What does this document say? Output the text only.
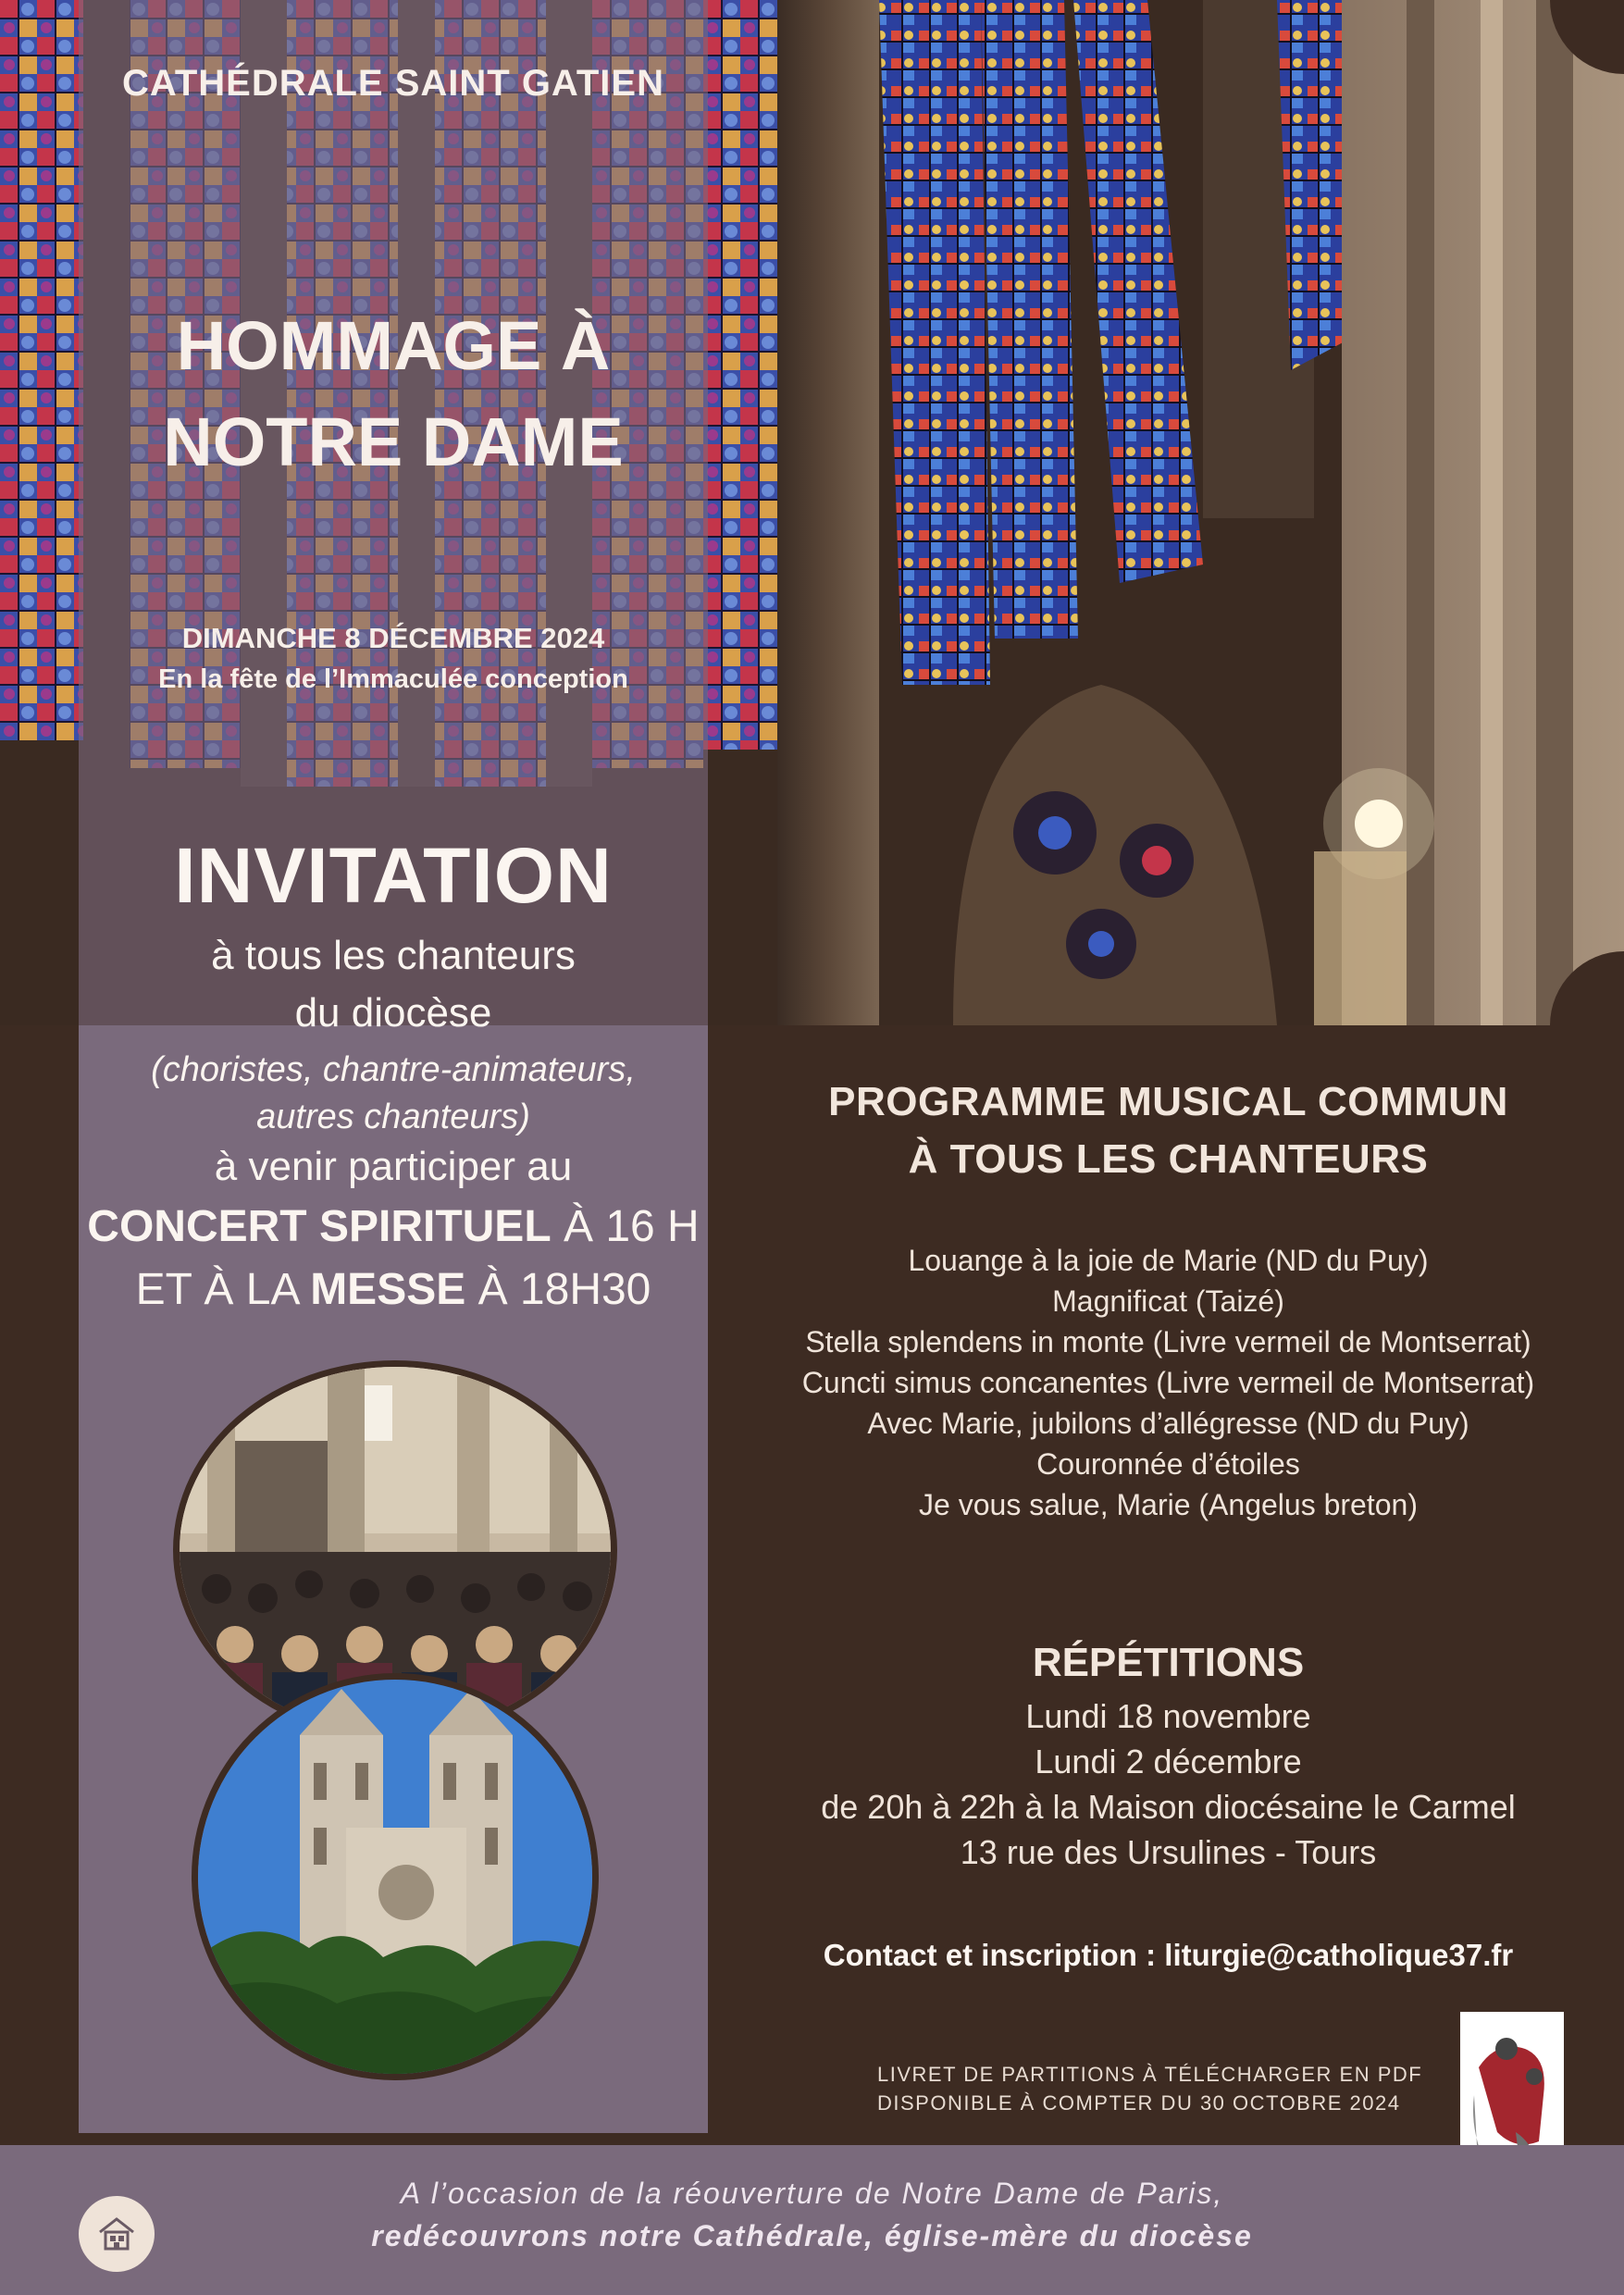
CATHÉDRALE SAINT GATIEN
HOMMAGE À
NOTRE DAME
DIMANCHE 8 DÉCEMBRE 2024
En la fête de l’Immaculée conception
INVITATION
à tous les chanteurs
du diocèse
(choristes, chantre-animateurs,
autres chanteurs)
à venir participer au
CONCERT SPIRITUEL À 16 H
ET À LA MESSE À 18H30
PROGRAMME MUSICAL COMMUN
À TOUS LES CHANTEURS
Louange à la joie de Marie (ND du Puy)
Magnificat (Taizé)
Stella splendens in monte (Livre vermeil de Montserrat)
Cuncti simus concanentes (Livre vermeil de Montserrat)
Avec Marie, jubilons d’allégresse (ND du Puy)
Couronnée d’étoiles
Je vous salue, Marie (Angelus breton)
RÉPÉTITIONS
Lundi 18 novembre
Lundi 2 décembre
de 20h à 22h à la Maison diocésaine le Carmel
13 rue des Ursulines - Tours
Contact et inscription : liturgie@catholique37.fr
LIVRET DE PARTITIONS À TÉLÉCHARGER EN PDF
DISPONIBLE À COMPTER DU 30 OCTOBRE 2024
A l’occasion de la réouverture de Notre Dame de Paris,
redécouvrons notre Cathédrale, église-mère du diocèse
